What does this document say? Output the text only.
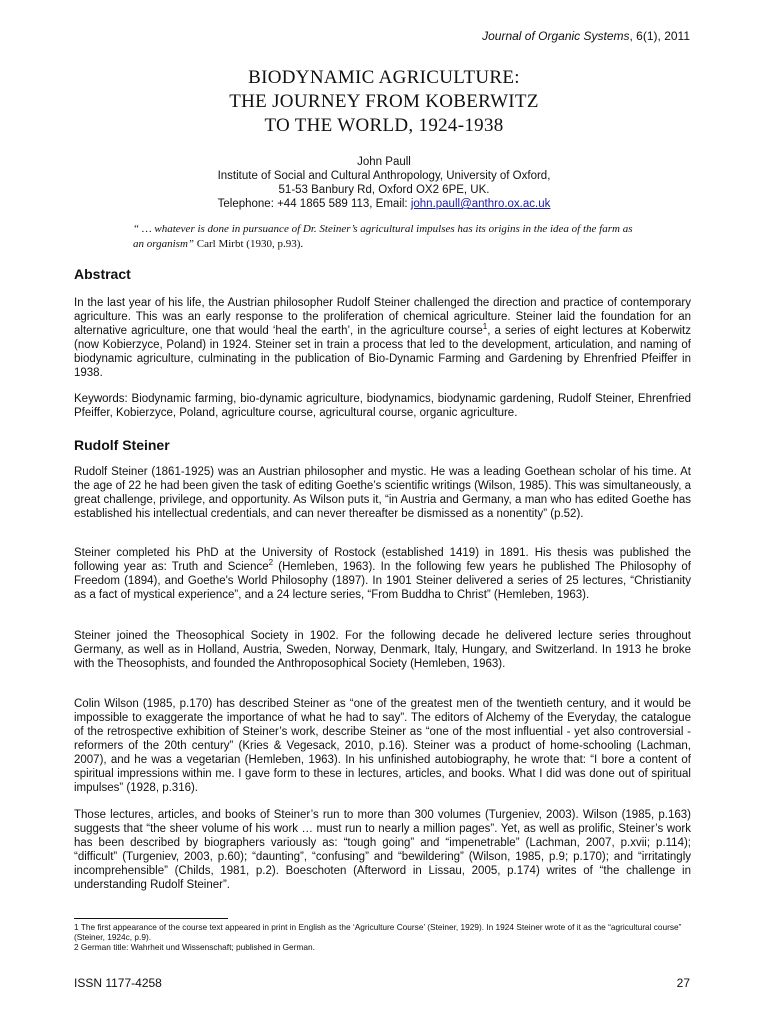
Journal of Organic Systems, 6(1), 2011
BIODYNAMIC AGRICULTURE:
THE JOURNEY FROM KOBERWITZ
TO THE WORLD, 1924-1938
John Paull
Institute of Social and Cultural Anthropology, University of Oxford,
51-53 Banbury Rd, Oxford OX2 6PE, UK.
Telephone: +44 1865 589 113, Email: john.paull@anthro.ox.ac.uk
“ … whatever is done in pursuance of Dr. Steiner’s agricultural impulses has its origins in the idea of the farm as an organism” Carl Mirbt (1930, p.93).
Abstract

In the last year of his life, the Austrian philosopher Rudolf Steiner challenged the direction and practice of contemporary agriculture. This was an early response to the proliferation of chemical agriculture. Steiner laid the foundation for an alternative agriculture, one that would ‘heal the earth’, in the agriculture course$^1$, a series of eight lectures at Koberwitz (now Kobierzyce, Poland) in 1924. Steiner set in train a process that led to the development, articulation, and naming of biodynamic agriculture, culminating in the publication of Bio-Dynamic Farming and Gardening by Ehrenfried Pfeiffer in 1938.

Keywords: Biodynamic farming, bio-dynamic agriculture, biodynamics, biodynamic gardening, Rudolf Steiner, Ehrenfried Pfeiffer, Kobierzyce, Poland, agriculture course, agricultural course, organic agriculture.
Rudolf Steiner
Rudolf Steiner (1861-1925) was an Austrian philosopher and mystic. He was a leading Goethean scholar of his time. At the age of 22 he had been given the task of editing Goethe’s scientific writings (Wilson, 1985). This was simultaneously, a great challenge, privilege, and opportunity. As Wilson puts it, “in Austria and Germany, a man who has edited Goethe has established his intellectual credentials, and can never thereafter be dismissed as a nonentity” (p.52).

Steiner completed his PhD at the University of Rostock (established 1419) in 1891. His thesis was published the following year as: Truth and Science$^2$ (Hemleben, 1963). In the following few years he published The Philosophy of Freedom (1894), and Goethe's World Philosophy (1897). In 1901 Steiner delivered a series of 25 lectures, “Christianity as a fact of mystical experience”, and a 24 lecture series, “From Buddha to Christ” (Hemleben, 1963).

Steiner joined the Theosophical Society in 1902. For the following decade he delivered lecture series throughout Germany, as well as in Holland, Austria, Sweden, Norway, Denmark, Italy, Hungary, and Switzerland. In 1913 he broke with the Theosophists, and founded the Anthroposophical Society (Hemleben, 1963).
Colin Wilson (1985, p.170) has described Steiner as “one of the greatest men of the twentieth century, and it would be impossible to exaggerate the importance of what he had to say”. The editors of Alchemy of the Everyday, the catalogue of the retrospective exhibition of Steiner’s work, describe Steiner as “one of the most influential - yet also controversial - reformers of the 20th century” (Kries & Vegesack, 2010, p.16). Steiner was a product of home-schooling (Lachman, 2007), and he was a vegetarian (Hemleben, 1963). In his unfinished autobiography, he wrote that: “I bore a content of spiritual impressions within me. I gave form to these in lectures, articles, and books. What I did was done out of spiritual impulses” (1928, p.316).
Those lectures, articles, and books of Steiner’s run to more than 300 volumes (Turgeniev, 2003). Wilson (1985, p.163) suggests that “the sheer volume of his work … must run to nearly a million pages”. Yet, as well as prolific, Steiner’s work has been described by biographers variously as: “tough going” and “impenetrable” (Lachman, 2007, p.xvii; p.114); “difficult” (Turgeniev, 2003, p.60); “daunting”, “confusing” and “bewildering” (Wilson, 1985, p.9; p.170); and “irritatingly incomprehensible” (Childs, 1981, p.2). Boeschoten (Afterword in Lissau, 2005, p.174) writes of “the challenge in understanding Rudolf Steiner”.
1 The first appearance of the course text appeared in print in English as the ‘Agriculture Course’ (Steiner, 1929). In 1924 Steiner wrote of it as the “agricultural course” (Steiner, 1924c, p.9).
2 German title: Wahrheit und Wissenschaft; published in German.
ISSN 1177-4258	27
